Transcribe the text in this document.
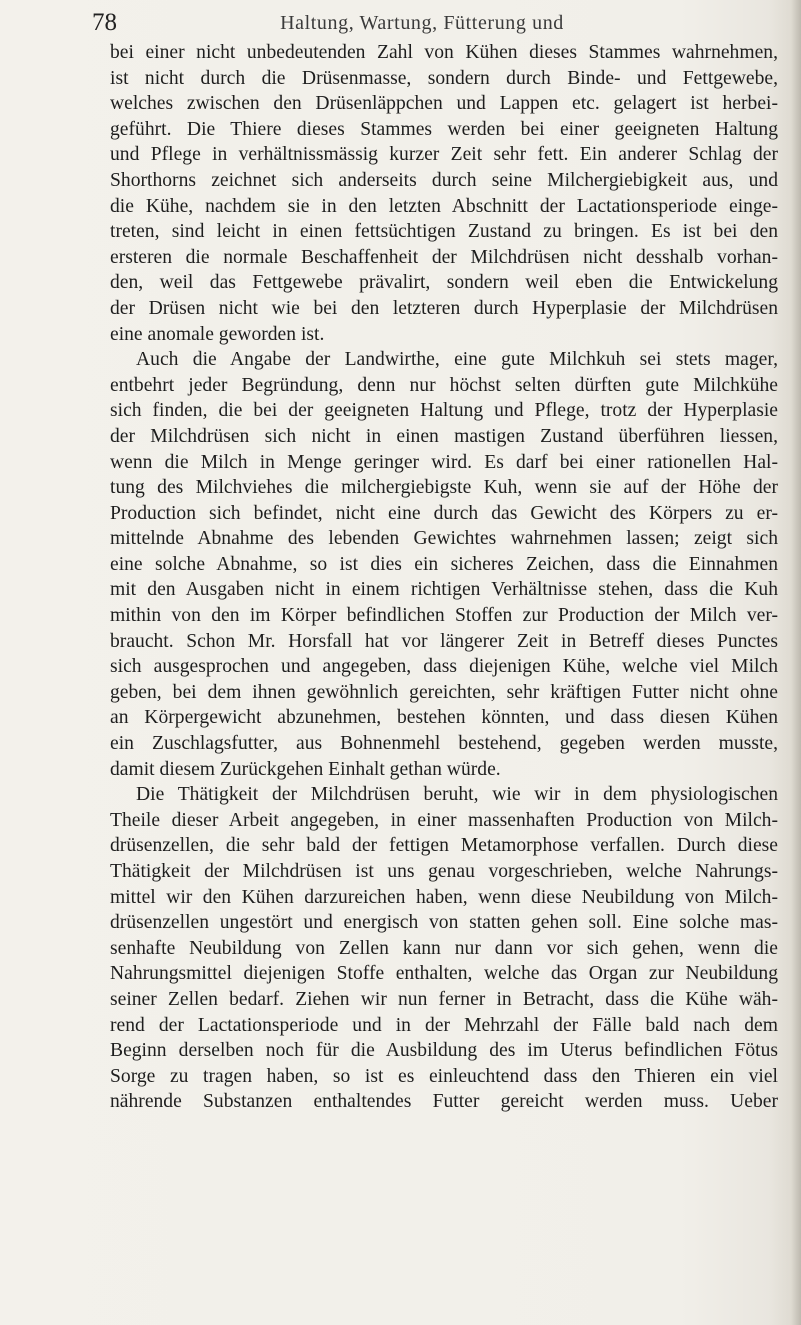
78	Haltung, Wartung, Fütterung und
bei einer nicht unbedeutenden Zahl von Kühen dieses Stammes wahrnehmen,
ist nicht durch die Drüsenmasse, sondern durch Binde- und Fettgewebe,
welches zwischen den Drüsenläppchen und Lappen etc. gelagert ist herbei-
geführt. Die Thiere dieses Stammes werden bei einer geeigneten Haltung
und Pflege in verhältnissmässig kurzer Zeit sehr fett. Ein anderer Schlag der
Shorthorns zeichnet sich anderseits durch seine Milchergiebigkeit aus, und
die Kühe, nachdem sie in den letzten Abschnitt der Lactationsperiode einge-
treten, sind leicht in einen fettsüchtigen Zustand zu bringen. Es ist bei den
ersteren die normale Beschaffenheit der Milchdrüsen nicht desshalb vorhan-
den, weil das Fettgewebe prävalirt, sondern weil eben die Entwickelung
der Drüsen nicht wie bei den letzteren durch Hyperplasie der Milchdrüsen
eine anomale geworden ist.
Auch die Angabe der Landwirthe, eine gute Milchkuh sei stets mager,
entbehrt jeder Begründung, denn nur höchst selten dürften gute Milchkühe
sich finden, die bei der geeigneten Haltung und Pflege, trotz der Hyperplasie
der Milchdrüsen sich nicht in einen mastigen Zustand überführen liessen,
wenn die Milch in Menge geringer wird. Es darf bei einer rationellen Hal-
tung des Milchviehes die milchergiebigste Kuh, wenn sie auf der Höhe der
Production sich befindet, nicht eine durch das Gewicht des Körpers zu er-
mittelnde Abnahme des lebenden Gewichtes wahrnehmen lassen; zeigt sich
eine solche Abnahme, so ist dies ein sicheres Zeichen, dass die Einnahmen
mit den Ausgaben nicht in einem richtigen Verhältnisse stehen, dass die Kuh
mithin von den im Körper befindlichen Stoffen zur Production der Milch ver-
braucht. Schon Mr. Horsfall hat vor längerer Zeit in Betreff dieses Punctes
sich ausgesprochen und angegeben, dass diejenigen Kühe, welche viel Milch
geben, bei dem ihnen gewöhnlich gereichten, sehr kräftigen Futter nicht ohne
an Körpergewicht abzunehmen, bestehen könnten, und dass diesen Kühen
ein Zuschlagsfutter, aus Bohnenmehl bestehend, gegeben werden musste,
damit diesem Zurückgehen Einhalt gethan würde.
Die Thätigkeit der Milchdrüsen beruht, wie wir in dem physiologischen
Theile dieser Arbeit angegeben, in einer massenhaften Production von Milch-
drüsenzellen, die sehr bald der fettigen Metamorphose verfallen. Durch diese
Thätigkeit der Milchdrüsen ist uns genau vorgeschrieben, welche Nahrungs-
mittel wir den Kühen darzureichen haben, wenn diese Neubildung von Milch-
drüsenzellen ungestört und energisch von statten gehen soll. Eine solche mas-
senhafte Neubildung von Zellen kann nur dann vor sich gehen, wenn die
Nahrungsmittel diejenigen Stoffe enthalten, welche das Organ zur Neubildung
seiner Zellen bedarf. Ziehen wir nun ferner in Betracht, dass die Kühe wäh-
rend der Lactationsperiode und in der Mehrzahl der Fälle bald nach dem
Beginn derselben noch für die Ausbildung des im Uterus befindlichen Fötus
Sorge zu tragen haben, so ist es einleuchtend dass den Thieren ein viel
nährende Substanzen enthaltendes Futter gereicht werden muss. Ueber
